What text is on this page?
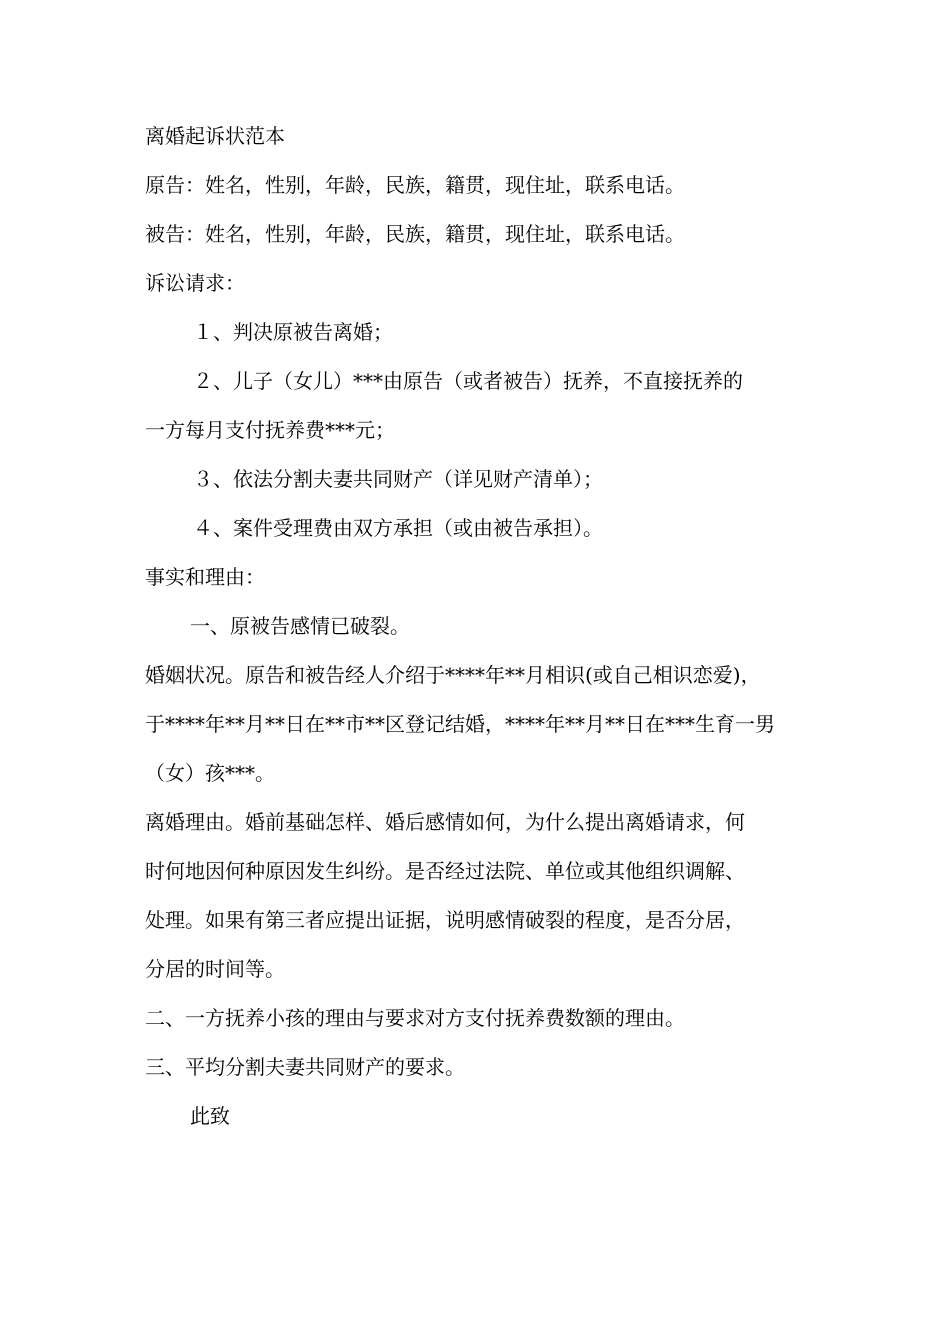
离婚起诉状范本
原告：姓名，性别，年龄，民族，籍贯，现住址，联系电话。
被告：姓名，性别，年龄，民族，籍贯，现住址，联系电话。
诉讼请求：
１、判决原被告离婚；
２、儿子（女儿）***由原告（或者被告）抚养，不直接抚养的
一方每月支付抚养费***元；
３、依法分割夫妻共同财产（详见财产清单）；
４、案件受理费由双方承担（或由被告承担）。
事实和理由：
一、原被告感情已破裂。
婚姻状况。原告和被告经人介绍于****年**月相识(或自己相识恋爱)，
于****年**月**日在**市**区登记结婚，****年**月**日在***生育一男
（女）孩***。
离婚理由。婚前基础怎样、婚后感情如何，为什么提出离婚请求，何
时何地因何种原因发生纠纷。是否经过法院、单位或其他组织调解、
处理。如果有第三者应提出证据，说明感情破裂的程度，是否分居，
分居的时间等。
二、一方抚养小孩的理由与要求对方支付抚养费数额的理由。
三、平均分割夫妻共同财产的要求。
此致
